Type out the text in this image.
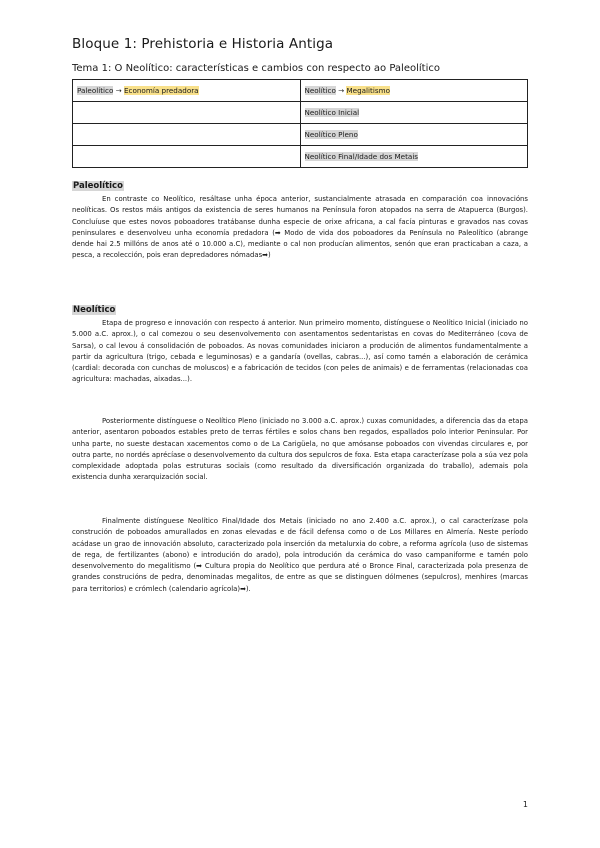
Bloque 1: Prehistoria e Historia Antiga
Tema 1: O Neolítico: características e cambios con respecto ao Paleolítico
Paleolítico → Economía predadora	Neolítico → Megalitismo
	Neolítico Inicial
	Neolítico Pleno
	Neolítico Final/Idade dos Metais
Paleolítico

En contraste co Neolítico, resáltase unha época anterior, sustancialmente atrasada en comparación coa innovacións neolíticas. Os restos máis antigos da existencia de seres humanos na Península foron atopados na serra de Atapuerca (Burgos). Concluíuse que estes novos poboadores tratábanse dunha especie de orixe africana, a cal facía pinturas e gravados nas covas peninsulares e desenvolveu unha economía predadora (➡ Modo de vida dos poboadores da Península no Paleolítico (abrange dende hai 2.5 millóns de anos até o 10.000 a.C), mediante o cal non producían alimentos, senón que eran practicaban a caza, a pesca, a recolección, pois eran depredadores nómadas➡)

Neolítico

Etapa de progreso e innovación con respecto á anterior. Nun primeiro momento, distínguese o Neolítico Inicial (iniciado no 5.000 a.C. aprox.), o cal comezou o seu desenvolvemento con asentamentos sedentaristas en covas do Mediterráneo (cova de Sarsa), o cal levou á consolidación de poboados. As novas comunidades iniciaron a produción de alimentos fundamentalmente a partir da agricultura (trigo, cebada e leguminosas) e a gandaría (ovellas, cabras...), así como tamén a elaboración de cerámica (cardial: decorada con cunchas de moluscos) e a fabricación de tecidos (con peles de animais) e de ferramentas (relacionadas coa agricultura: machadas, aixadas...).

Posteriormente distínguese o Neolítico Pleno (iniciado no 3.000 a.C. aprox.) cuxas comunidades, a diferencia das da etapa anterior, asentaron poboados estables preto de terras fértiles e solos chans ben regados, espallados polo interior Peninsular. Por unha parte, no sueste destacan xacementos como o de La Carigüela, no que amósanse poboados con vivendas circulares e, por outra parte, no nordés aprécíase o desenvolvemento da cultura dos sepulcros de foxa. Esta etapa caracterízase pola a súa vez pola complexidade adoptada polas estruturas sociais (como resultado da diversificación organizada do traballo), ademais pola existencia dunha xerarquización social.

Finalmente distínguese Neolítico Final/Idade dos Metais (iniciado no ano 2.400 a.C. aprox.), o cal caracterízase pola construción de poboados amurallados en zonas elevadas e de fácil defensa como o de Los Millares en Almería. Neste período acádase un grao de innovación absoluto, caracterizado pola inserción da metalurxia do cobre, a reforma agrícola (uso de sistemas de rega, de fertilizantes (abono) e introdución do arado), pola introdución da cerámica do vaso campaniforme e tamén polo desenvolvemento do megalitismo (➡ Cultura propia do Neolítico que perdura até o Bronce Final, caracterizada pola presenza de grandes construcións de pedra, denominadas megalitos, de entre as que se distinguen dólmenes (sepulcros), menhires (marcas para territorios) e crómlech (calendario agrícola)➡).

1
